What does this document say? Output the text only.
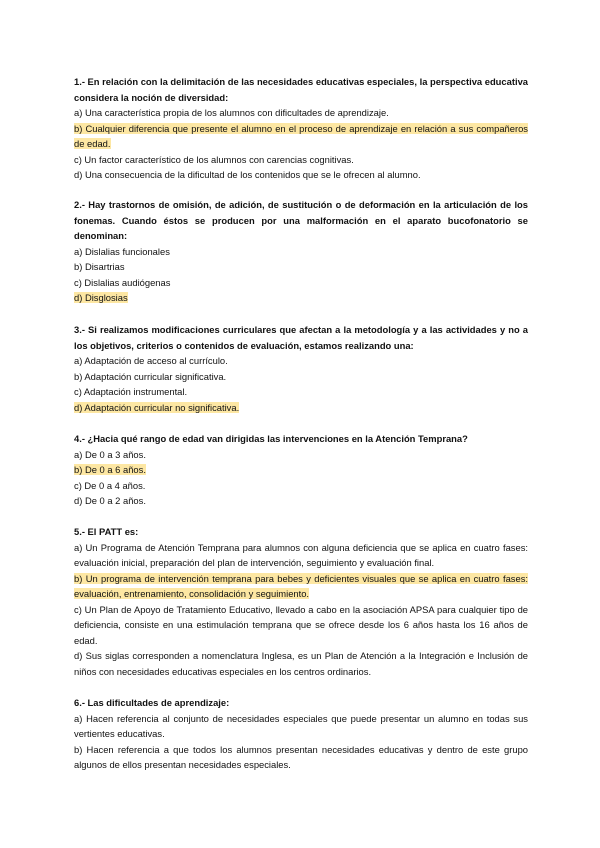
1.- En relación con la delimitación de las necesidades educativas especiales, la perspectiva educativa considera la noción de diversidad:
a) Una característica propia de los alumnos con dificultades de aprendizaje.
b) Cualquier diferencia que presente el alumno en el proceso de aprendizaje en relación a sus compañeros de edad.
c) Un factor característico de los alumnos con carencias cognitivas.
d) Una consecuencia de la dificultad de los contenidos que se le ofrecen al alumno.
2.- Hay trastornos de omisión, de adición, de sustitución o de deformación en la articulación de los fonemas. Cuando éstos se producen por una malformación en el aparato bucofonatorio se denominan:
a) Dislalias funcionales
b) Disartrias
c) Dislalias audiógenas
d) Disglosias
3.- Si realizamos modificaciones curriculares que afectan a la metodología y a las actividades y no a los objetivos, criterios o contenidos de evaluación, estamos realizando una:
a) Adaptación de acceso al currículo.
b) Adaptación curricular significativa.
c) Adaptación instrumental.
d) Adaptación curricular no significativa.
4.- ¿Hacia qué rango de edad van dirigidas las intervenciones en la Atención Temprana?
a) De 0 a 3 años.
b) De 0 a 6 años.
c) De 0 a 4 años.
d) De 0 a 2 años.
5.- El PATT es:
a) Un Programa de Atención Temprana para alumnos con alguna deficiencia que se aplica en cuatro fases: evaluación inicial, preparación del plan de intervención, seguimiento y evaluación final.
b) Un programa de intervención temprana para bebes y deficientes visuales que se aplica en cuatro fases: evaluación, entrenamiento, consolidación y seguimiento.
c) Un Plan de Apoyo de Tratamiento Educativo, llevado a cabo en la asociación APSA para cualquier tipo de deficiencia, consiste en una estimulación temprana que se ofrece desde los 6 años hasta los 16 años de edad.
d) Sus siglas corresponden a nomenclatura Inglesa, es un Plan de Atención a la Integración e Inclusión de niños con necesidades educativas especiales en los centros ordinarios.
6.- Las dificultades de aprendizaje:
a) Hacen referencia al conjunto de necesidades especiales que puede presentar un alumno en todas sus vertientes educativas.
b) Hacen referencia a que todos los alumnos presentan necesidades educativas y dentro de este grupo algunos de ellos presentan necesidades especiales.
